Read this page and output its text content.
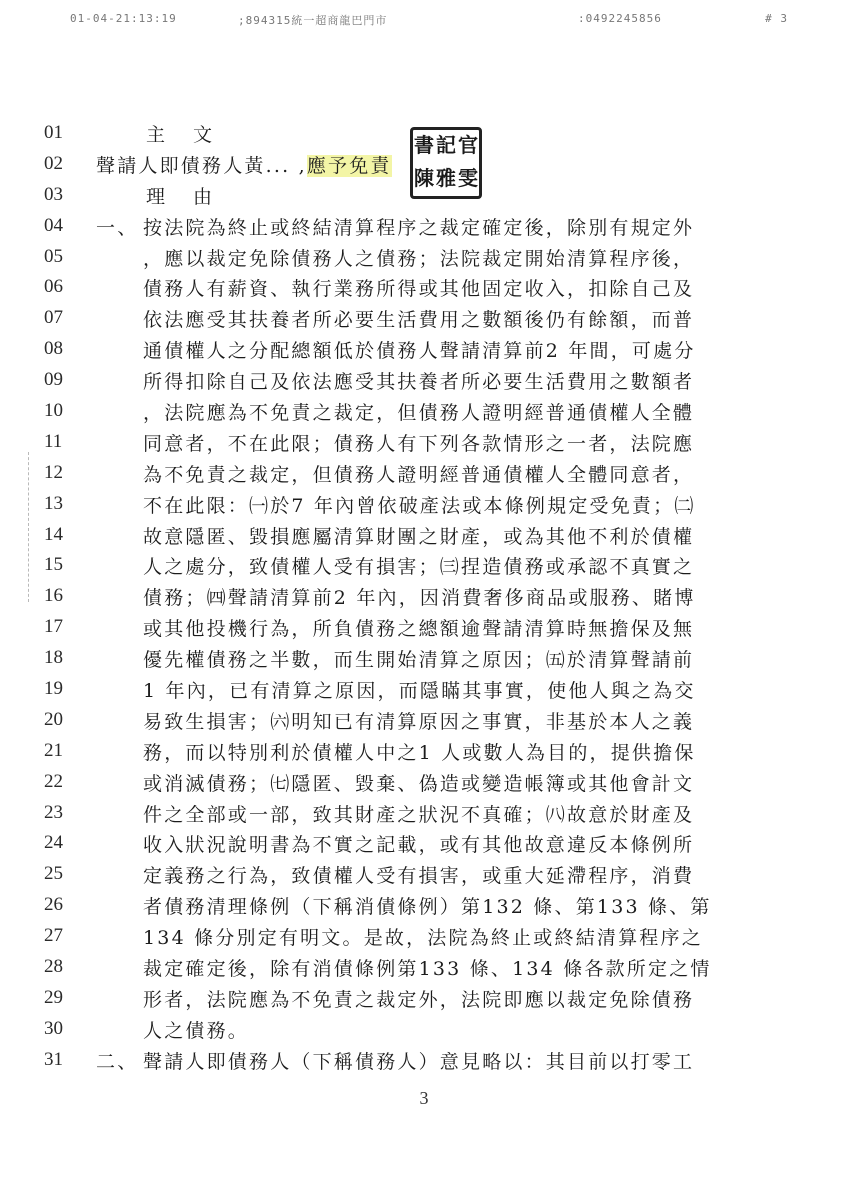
01-04-21:13:19	;894315統一超商龍巴門市	:0492245856	# 3
書 記 官
陳 雅 雯
01	主文
02	聲請人即債務人黃... ,應予免責
03	理由
04	一、 按法院為終止或終結清算程序之裁定確定後，除別有規定外
05	，應以裁定免除債務人之債務；法院裁定開始清算程序後，
06	債務人有薪資、執行業務所得或其他固定收入，扣除自己及
07	依法應受其扶養者所必要生活費用之數額後仍有餘額，而普
08	通債權人之分配總額低於債務人聲請清算前2 年間，可處分
09	所得扣除自己及依法應受其扶養者所必要生活費用之數額者
10	，法院應為不免責之裁定，但債務人證明經普通債權人全體
11	同意者，不在此限；債務人有下列各款情形之一者，法院應
12	為不免責之裁定，但債務人證明經普通債權人全體同意者，
13	不在此限：㈠於7 年內曾依破產法或本條例規定受免責；㈡
14	故意隱匿、毀損應屬清算財團之財產，或為其他不利於債權
15	人之處分，致債權人受有損害；㈢捏造債務或承認不真實之
16	債務；㈣聲請清算前2 年內，因消費奢侈商品或服務、賭博
17	或其他投機行為，所負債務之總額逾聲請清算時無擔保及無
18	優先權債務之半數，而生開始清算之原因；㈤於清算聲請前
19	1 年內，已有清算之原因，而隱瞞其事實，使他人與之為交
20	易致生損害；㈥明知已有清算原因之事實，非基於本人之義
21	務，而以特別利於債權人中之1 人或數人為目的，提供擔保
22	或消滅債務；㈦隱匿、毀棄、偽造或變造帳簿或其他會計文
23	件之全部或一部，致其財產之狀況不真確；㈧故意於財產及
24	收入狀況說明書為不實之記載，或有其他故意違反本條例所
25	定義務之行為，致債權人受有損害，或重大延滯程序，消費
26	者債務清理條例（下稱消債條例）第132 條、第133 條、第
27	134 條分別定有明文。是故，法院為終止或終結清算程序之
28	裁定確定後，除有消債條例第133 條、134 條各款所定之情
29	形者，法院應為不免責之裁定外，法院即應以裁定免除債務
30	人之債務。
31	二、 聲請人即債務人（下稱債務人）意見略以：其目前以打零工
3
